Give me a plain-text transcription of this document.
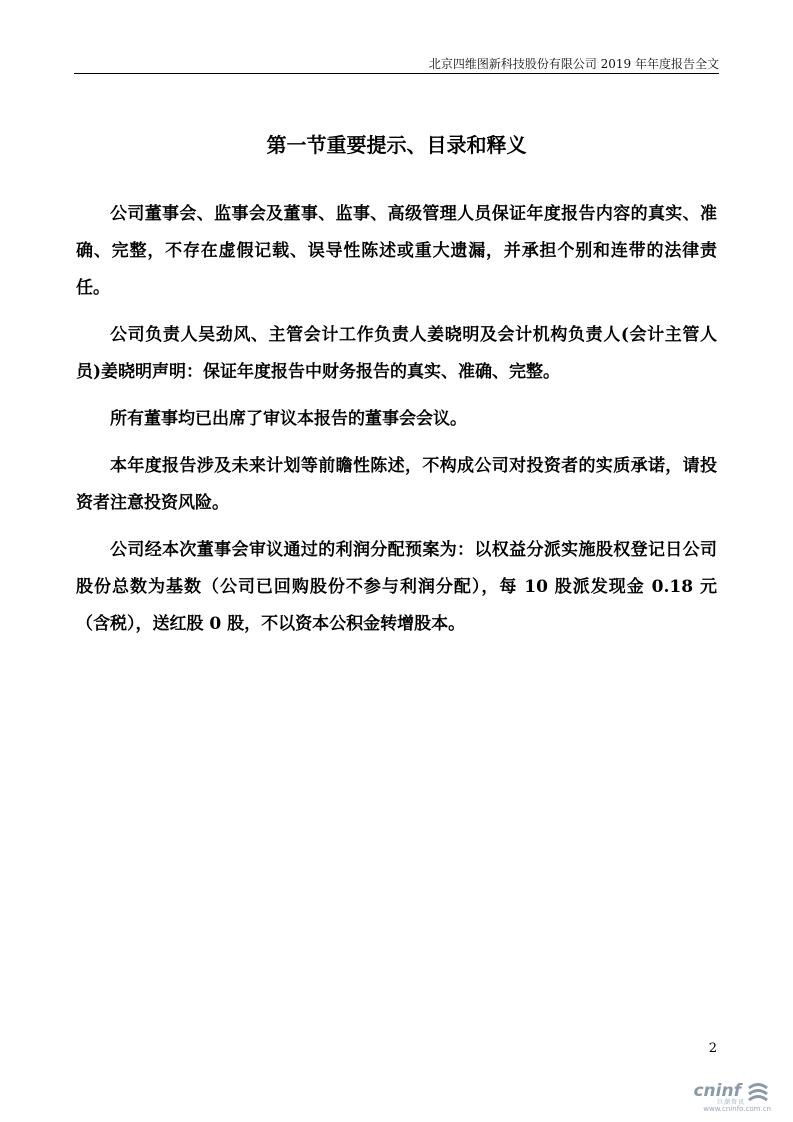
北京四维图新科技股份有限公司 2019 年年度报告全文
第一节重要提示、目录和释义

公司董事会、监事会及董事、监事、高级管理人员保证年度报告内容的真实、准确、完整，不存在虚假记载、误导性陈述或重大遗漏，并承担个别和连带的法律责任。

公司负责人吴劲风、主管会计工作负责人姜晓明及会计机构负责人(会计主管人员)姜晓明声明：保证年度报告中财务报告的真实、准确、完整。

所有董事均已出席了审议本报告的董事会会议。

本年度报告涉及未来计划等前瞻性陈述，不构成公司对投资者的实质承诺，请投资者注意投资风险。

公司经本次董事会审议通过的利润分配预案为：以权益分派实施股权登记日公司股份总数为基数（公司已回购股份不参与利润分配），每 10 股派发现金 0.18 元（含税），送红股 0 股，不以资本公积金转增股本。

2
cninf
巨潮资讯
www.cninfo.com.cn
